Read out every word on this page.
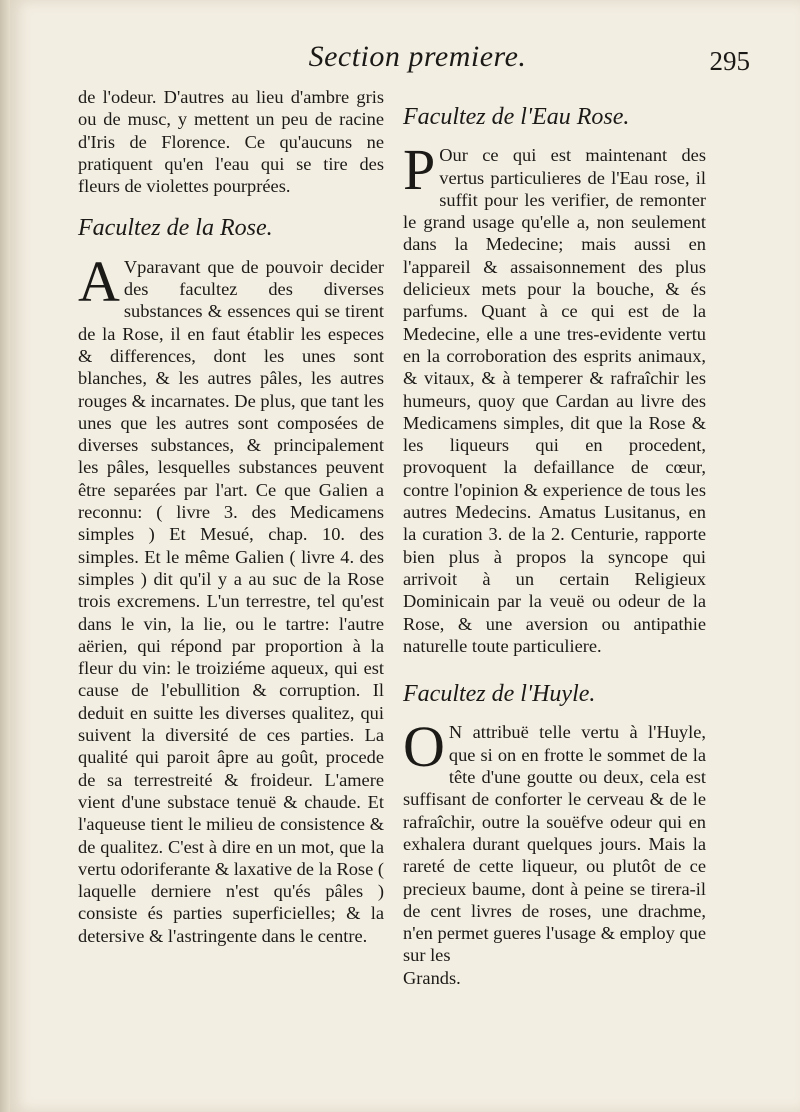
Section premiere.	295

de l'odeur. D'autres au lieu d'ambre gris ou de musc, y mettent un peu de racine d'Iris de Florence. Ce qu'aucuns ne pratiquent qu'en l'eau qui se tire des fleurs de violettes pourprées.

Facultez de la Rose.

A Vparavant que de pouvoir decider des facultez des diverses substances & essences qui se tirent de la Rose, il en faut établir les especes & differences, dont les unes sont blanches, & les autres pâles, les autres rouges & incarnates. De plus, que tant les unes que les autres sont composées de diverses substances, & principalement les pâles, lesquelles substances peuvent être separées par l'art. Ce que Galien a reconnu: ( livre 3. des Medicamens simples ) Et Mesué, chap. 10. des simples. Et le même Galien ( livre 4. des simples ) dit qu'il y a au suc de la Rose trois excremens. L'un terrestre, tel qu'est dans le vin, la lie, ou le tartre: l'autre aërien, qui répond par proportion à la fleur du vin: le troiziéme aqueux, qui est cause de l'ebullition & corruption. Il deduit en suitte les diverses qualitez, qui suivent la diversité de ces parties. La qualité qui paroit âpre au goût, procede de sa terrestreité & froideur. L'amere vient d'une substace tenuë & chaude. Et l'aqueuse tient le milieu de consistence & de qualitez. C'est à dire en un mot, que la vertu odoriferante & laxative de la Rose ( laquelle derniere n'est qu'és pâles ) consiste és parties superficielles; & la detersive & l'astringente dans le centre.

Facultez de l'Eau Rose.

P Our ce qui est maintenant des vertus particulieres de l'Eau rose, il suffit pour les verifier, de remonter le grand usage qu'elle a, non seulement dans la Medecine; mais aussi en l'appareil & assaisonnement des plus delicieux mets pour la bouche, & és parfums. Quant à ce qui est de la Medecine, elle a une tres-evidente vertu en la corroboration des esprits animaux, & vitaux, & à temperer & rafraîchir les humeurs, quoy que Cardan au livre des Medicamens simples, dit que la Rose & les liqueurs qui en procedent, provoquent la defaillance de cœur, contre l'opinion & experience de tous les autres Medecins. Amatus Lusitanus, en la curation 3. de la 2. Centurie, rapporte bien plus à propos la syncope qui arrivoit à un certain Religieux Dominicain par la veuë ou odeur de la Rose, & une aversion ou antipathie naturelle toute particuliere.

Facultez de l'Huyle.

O N attribuë telle vertu à l'Huyle, que si on en frotte le sommet de la tête d'une goutte ou deux, cela est suffisant de conforter le cerveau & de le rafraîchir, outre la souëfve odeur qui en exhalera durant quelques jours. Mais la rareté de cette liqueur, ou plutôt de ce precieux baume, dont à peine se tirera-il de cent livres de roses, une drachme, n'en permet gueres l'usage & employ que sur les

Grands.
